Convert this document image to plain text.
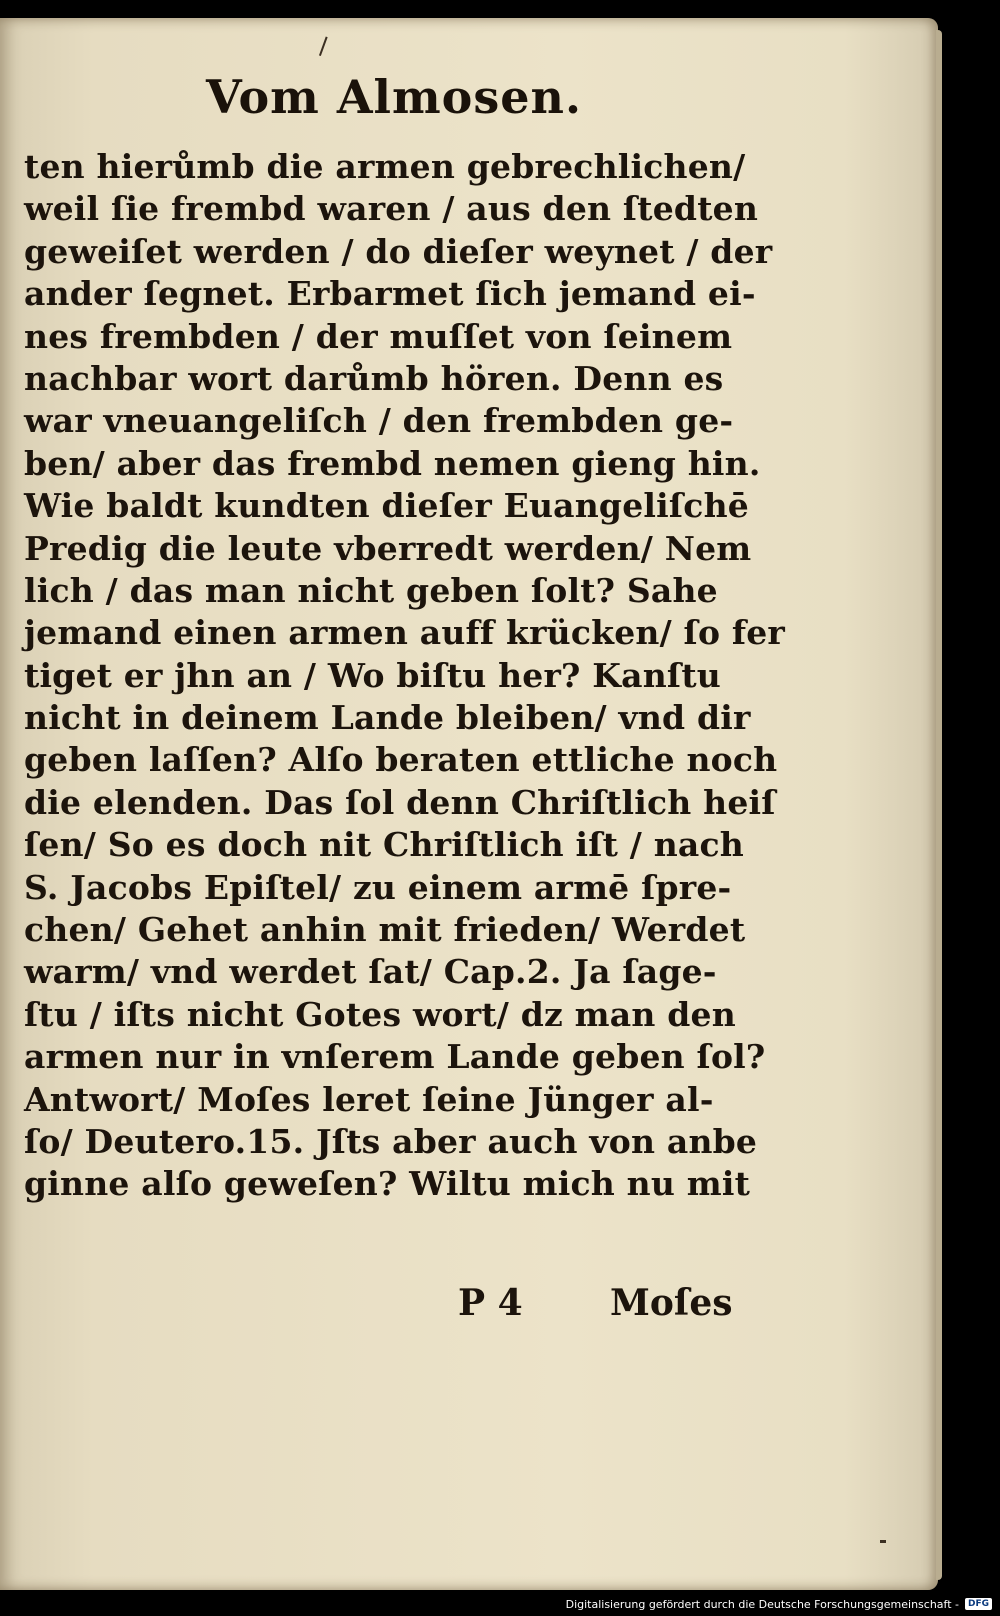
Vom Almosen.
ten hierůmb die armen gebrechlichen/
weil ſie frembd waren / aus den ſtedten
geweiſet werden / do dieſer weynet / der
ander ſegnet. Erbarmet ſich jemand ei-
nes frembden / der muſſet von ſeinem
nachbar wort darůmb hören. Denn es
war vneuangeliſch / den frembden ge-
ben/ aber das frembd nemen gieng hin.
Wie baldt kundten dieſer Euangeliſchē
Predig die leute vberredt werden/ Nem
lich / das man nicht geben ſolt? Sahe
jemand einen armen auff krücken/ ſo fer
tiget er jhn an / Wo biſtu her? Kanſtu
nicht in deinem Lande bleiben/ vnd dir
geben laſſen? Alſo beraten ettliche noch
die elenden. Das ſol denn Chriſtlich heiſ
ſen/ So es doch nit Chriſtlich iſt / nach
S. Jacobs Epiſtel/ zu einem armē ſpre-
chen/ Gehet anhin mit frieden/ Werdet
warm/ vnd werdet ſat/ Cap.2. Ja ſage-
ſtu / iſts nicht Gotes wort/ dz man den
armen nur in vnſerem Lande geben ſol?
Antwort/ Moſes leret ſeine Jünger al-
ſo/ Deutero.15. Jſts aber auch von anbe
ginne alſo geweſen? Wiltu mich nu mit
P 4 Moſes
Digitalisierung gefördert durch die Deutsche Forschungsgemeinschaft -	DFG
